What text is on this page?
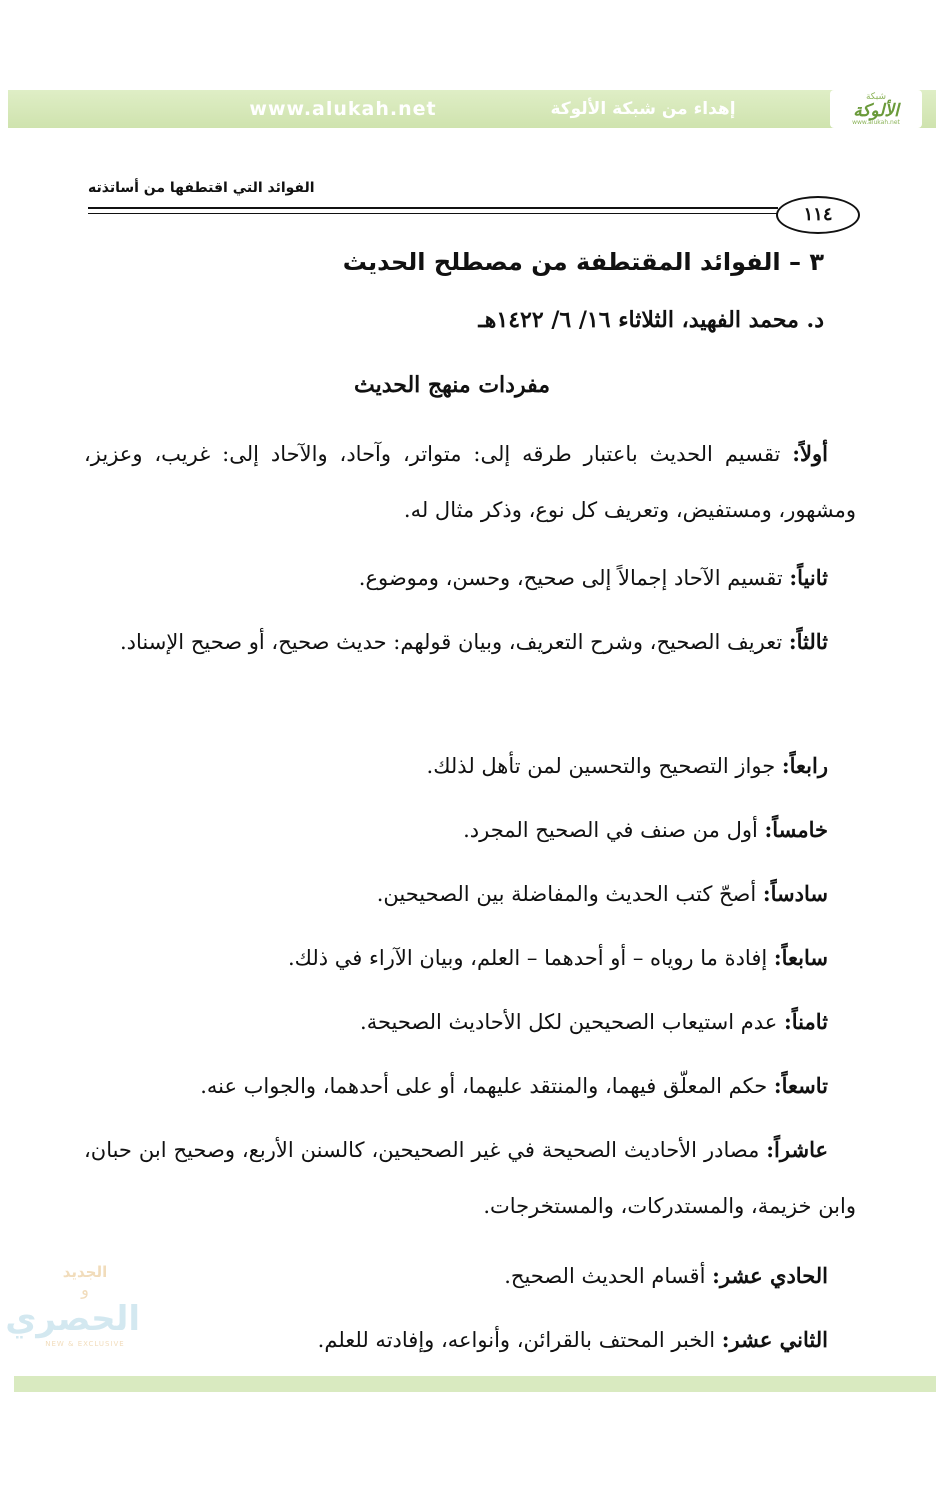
www.alukah.net	إهداء من شبكة الألوكة
شبكة
الألوكة
www.alukah.net
الفوائد التي اقتطفها من أساتذته
١١٤
٣ – الفوائد المقتطفة من مصطلح الحديث
د. محمد الفهيد، الثلاثاء ١٦/ ٦/ ١٤٢٢هـ
مفردات منهج الحديث
أولاً: تقسيم الحديث باعتبار طرقه إلى: متواتر، وآحاد، والآحاد إلى: غريب، وعزيز، ومشهور، ومستفيض، وتعريف كل نوع، وذكر مثال له.
ثانياً: تقسيم الآحاد إجمالاً إلى صحيح، وحسن، وموضوع.
ثالثاً: تعريف الصحيح، وشرح التعريف، وبيان قولهم: حديث صحيح، أو صحيح الإسناد.
رابعاً: جواز التصحيح والتحسين لمن تأهل لذلك.
خامساً: أول من صنف في الصحيح المجرد.
سادساً: أصحّ كتب الحديث والمفاضلة بين الصحيحين.
سابعاً: إفادة ما روياه – أو أحدهما – العلم، وبيان الآراء في ذلك.
ثامناً: عدم استيعاب الصحيحين لكل الأحاديث الصحيحة.
تاسعاً: حكم المعلّق فيهما، والمنتقد عليهما، أو على أحدهما، والجواب عنه.
عاشراً: مصادر الأحاديث الصحيحة في غير الصحيحين، كالسنن الأربع، وصحيح ابن حبان، وابن خزيمة، والمستدركات، والمستخرجات.
الحادي عشر: أقسام الحديث الصحيح.
الثاني عشر: الخبر المحتف بالقرائن، وأنواعه، وإفادته للعلم.
الجديد
و
الحصري
NEW & EXCLUSIVE
